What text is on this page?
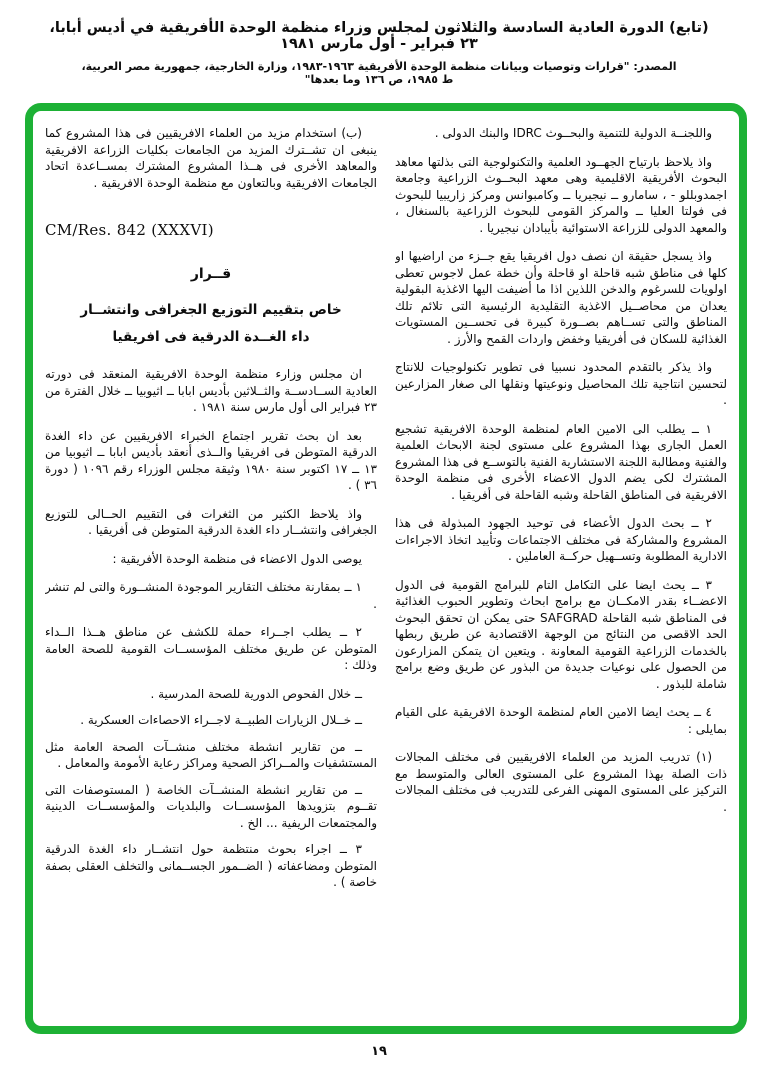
(تابع) الدورة العادية السادسة والثلاثون لمجلس وزراء منظمة الوحدة الأفريقية في أديس أبابا، ٢٣ فبراير - أول مارس ١٩٨١
المصدر: "قرارات وتوصيات وبيانات منظمة الوحدة الأفريقية ١٩٦٣-١٩٨٣، وزارة الخارجية، جمهورية مصر العربية، ط ١٩٨٥، ص ١٣٦ وما بعدها"

واللجنــة الدولية للتنمية والبحــوث IDRC والبنك الدولى .

واذ يلاحظ بارتياح الجهــود العلمية والتكنولوجية التى بذلتها معاهد البحوث الأفريقية الاقليمية وهى معهد البحــوث الزراعية وجامعة اجمدوبللو - ، سامارو ــ نيجيريا ــ وكامبوانس ومركز زاريبيا للبحوث فى فولتا العليا ــ والمركز القومى للبحوث الزراعية بالسنغال ، والمعهد الدولى للزراعة الاستوائية بأيبادان نيجيريا .

واذ يسجل حقيقة ان نصف دول افريقيا يقع جــزء من اراضيها او كلها فى مناطق شبه قاحلة او قاحلة وأن خطة عمل لاجوس تعطى اولويات للسرغوم والدخن اللذين اذا ما أضيفت اليها الاغذية البقولية يعدان من محاصــيل الاغذية التقليدية الرئيسية التى تلائم تلك المناطق والتى تســاهم بصــورة كبيرة فى تحســين المستويات الغذائية للسكان فى أفريقيا وخفض واردات القمح والأرز .

واذ يذكر بالتقدم المحدود نسبيا فى تطوير تكنولوجيات للانتاج لتحسين انتاجية تلك المحاصيل ونوعيتها ونقلها الى صغار المزارعين .

١ ــ يطلب الى الامين العام لمنظمة الوحدة الافريقية تشجيع العمل الجارى بهذا المشروع على مستوى لجنة الابحاث العلمية والفنية ومطالبة اللجنة الاستشارية الفنية بالتوســع فى هذا المشروع المشترك لكى يضم الدول الاعضاء الأخرى فى منظمة الوحدة الافريقية فى المناطق القاحلة وشبه القاحلة فى أفريقيا .

٢ ــ بحث الدول الأعضاء فى توحيد الجهود المبذولة فى هذا المشروع والمشاركة فى مختلف الاجتماعات وتأييد اتخاذ الاجراءات الادارية المطلوبة وتســهيل حركــة العاملين .

٣ ــ يحث ايضا على التكامل التام للبرامج القومية فى الدول الاعضــاء بقدر الامكــان مع برامج ابحاث وتطوير الحبوب الغذائية فى المناطق شبه القاحلة SAFGRAD حتى يمكن ان تحقق البحوث الحد الاقصى من النتائج من الوجهة الاقتصادية عن طريق ربطها بالخدمات الزراعية القومية المعاونة . ويتعين ان يتمكن المزارعون من الحصول على نوعيات جديدة من البذور عن طريق وضع برامج شاملة للبذور .

٤ ــ يحث ايضا الامين العام لمنظمة الوحدة الافريقية على القيام بمايلى :

(١) تدريب المزيد من العلماء الافريقيين فى مختلف المجالات ذات الصلة بهذا المشروع على المستوى العالى والمتوسط مع التركيز على المستوى المهنى الفرعى للتدريب فى مختلف المجالات .

(ب) استخدام مزيد من العلماء الافريقيين فى هذا المشروع كما ينبغى ان تشــترك المزيد من الجامعات بكليات الزراعة الافريقية والمعاهد الأخرى فى هــذا المشروع المشترك بمســاعدة اتحاد الجامعات الافريقية وبالتعاون مع منظمة الوحدة الافريقية .

CM/Res. 842 (XXXVI)
قــرار
خاص بتقييم التوزيع الجغرافى وانتشــار
داء الغــدة الدرقية فى افريقيا

ان مجلس وزارء منظمة الوحدة الافريقية المنعقد فى دورته العادية الســادســة والثــلاثين بأديس ابابا ــ اثيوبيا ــ خلال الفترة من ٢٣ فبراير الى أول مارس سنة ١٩٨١ .

بعد ان بحث تقرير اجتماع الخبراء الافريقيين عن داء الغدة الدرقية المتوطن فى افريقيا والــذى أنعقد بأديس ابابا ــ اثيوبيا من ١٣ ــ ١٧ اكتوبر سنة ١٩٨٠ وثيقة مجلس الوزراء رقم ١٠٩٦ ( دورة ٣٦ ) .

واذ يلاحظ الكثير من الثغرات فى التقييم الحــالى للتوزيع الجغرافى وانتشــار داء الغدة الدرقية المتوطن فى أفريقيا .

يوصى الدول الاعضاء فى منظمة الوحدة الأفريقية :

١ ــ بمقارنة مختلف التقارير الموجودة المنشــورة والتى لم تنشر .

٢ ــ يطلب اجــراء حملة للكشف عن مناطق هــذا الــداء المتوطن عن طريق مختلف المؤسســات القومية للصحة العامة وذلك :

ــ خلال الفحوص الدورية للصحة المدرسية .

ــ خــلال الزيارات الطبيــة لاجــراء الاحصاءات العسكرية .

ــ من تقارير انشطة مختلف منشــآت الصحة العامة مثل المستشفيات والمــراكز الصحية ومراكز رعاية الأمومة والمعامل .

ــ من تقارير انشطة المنشــآت الخاصة ( المستوصفات التى تقــوم بتزويدها المؤسســات والبلديات والمؤسســات الدينية والمجتمعات الريفية ... الخ .

٣ ــ اجراء بحوث منتظمة حول انتشــار داء الغدة الدرقية المتوطن ومضاعفاته ( الضــمور الجســمانى والتخلف العقلى بصفة خاصة ) .

١٩
